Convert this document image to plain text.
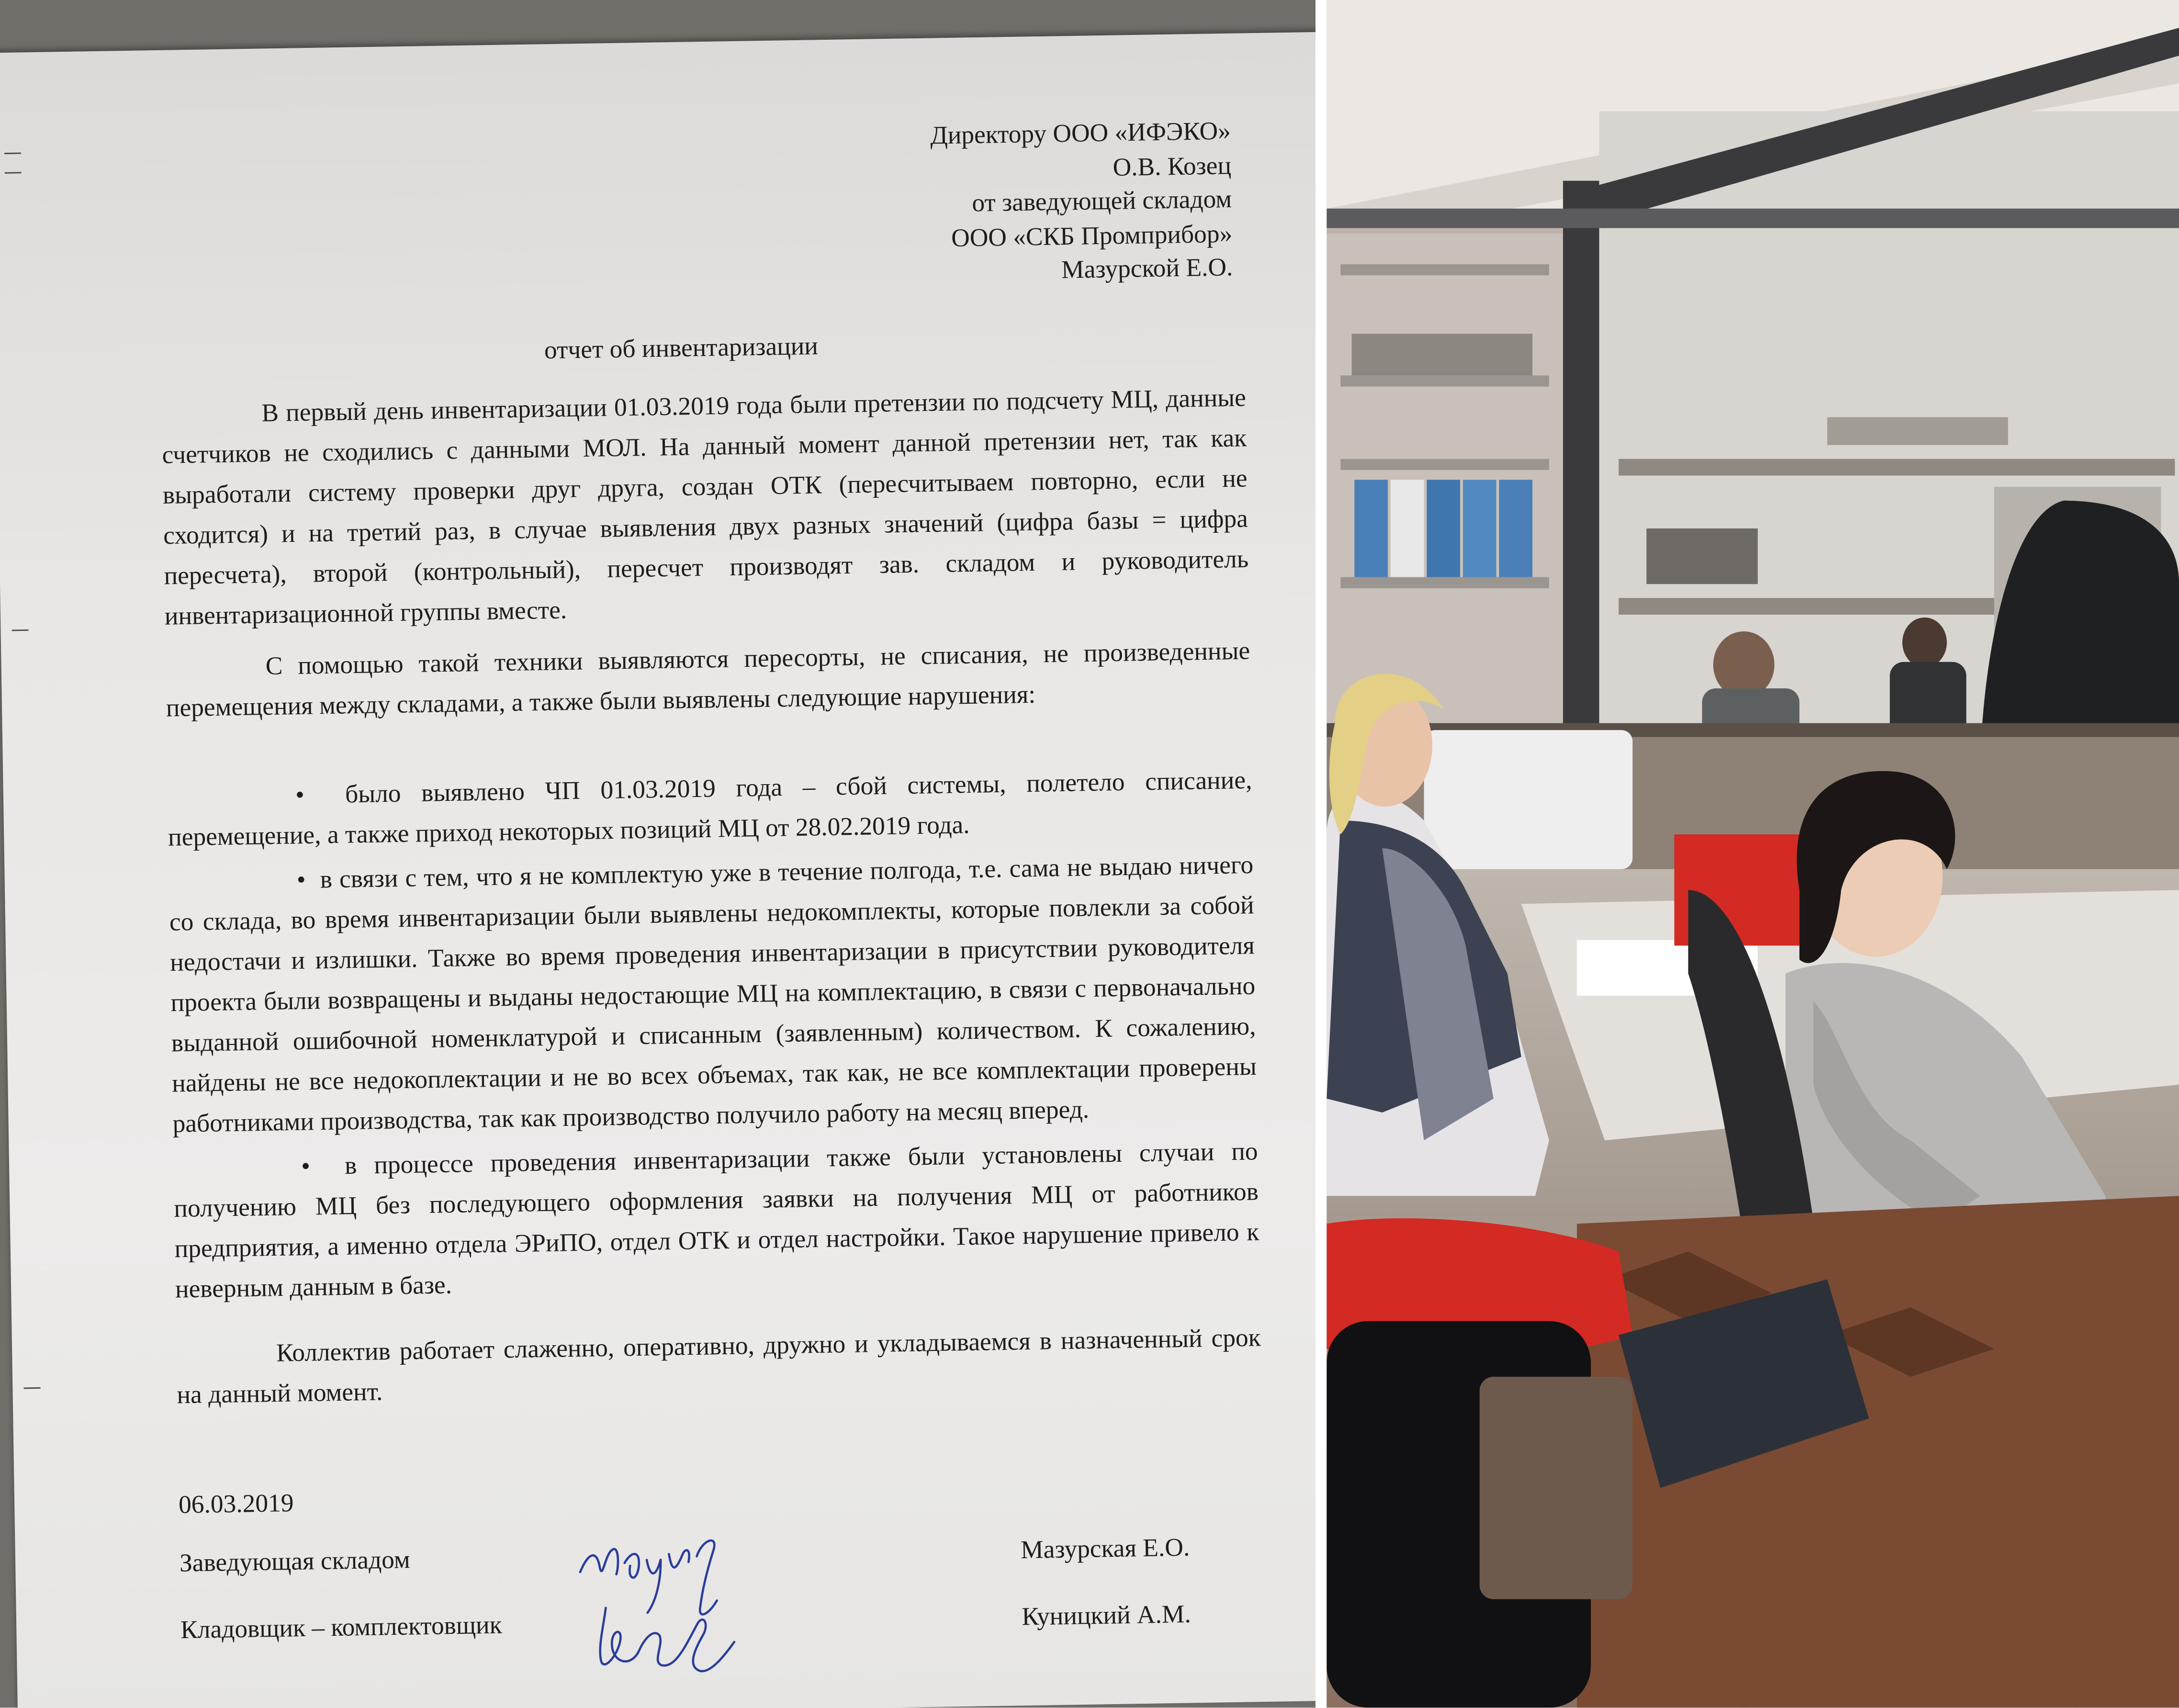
Директору ООО «ИФЭКО»
О.В. Козец
от заведующей складом
ООО «СКБ Промприбор»
Мазурской Е.О.
отчет об инвентаризации

В первый день инвентаризации 01.03.2019 года были претензии по подсчету МЦ, данные счетчиков не сходились с данными МОЛ. На данный момент данной претензии нет, так как выработали систему проверки друг друга, создан ОТК (пересчитываем повторно, если не сходится) и на третий раз, в случае выявления двух разных значений (цифра базы = цифра пересчета), второй (контрольный), пересчет производят зав. складом и руководитель инвентаризационной группы вместе.

С помощью такой техники выявляются пересорты, не списания, не произведенные перемещения между складами, а также были выявлены следующие нарушения:

•	было выявлено ЧП 01.03.2019 года – сбой системы, полетело списание, перемещение, а также приход некоторых позиций МЦ от 28.02.2019 года.

• в связи с тем, что я не комплектую уже в течение полгода, т.е. сама не выдаю ничего со склада, во время инвентаризации были выявлены недокомплекты, которые повлекли за собой недостачи и излишки. Также во время проведения инвентаризации в присутствии руководителя проекта были возвращены и выданы недостающие МЦ на комплектацию, в связи с первоначально выданной ошибочной номенклатурой и списанным (заявленным) количеством. К сожалению, найдены не все недокоплектации и не во всех объемах, так как, не все комплектации проверены работниками производства, так как производство получило работу на месяц вперед.

•	в процессе проведения инвентаризации также были установлены случаи по получению МЦ без последующего оформления заявки на получения МЦ от работников предприятия, а именно отдела ЭРиПО, отдел ОТК и отдел настройки. Такое нарушение привело к неверным данным в базе.

Коллектив работает слаженно, оперативно, дружно и укладываемся в назначенный срок на данный момент.

06.03.2019
Заведующая складом	Мазурская Е.О.
Кладовщик – комплектовщик	Куницкий А.М.
